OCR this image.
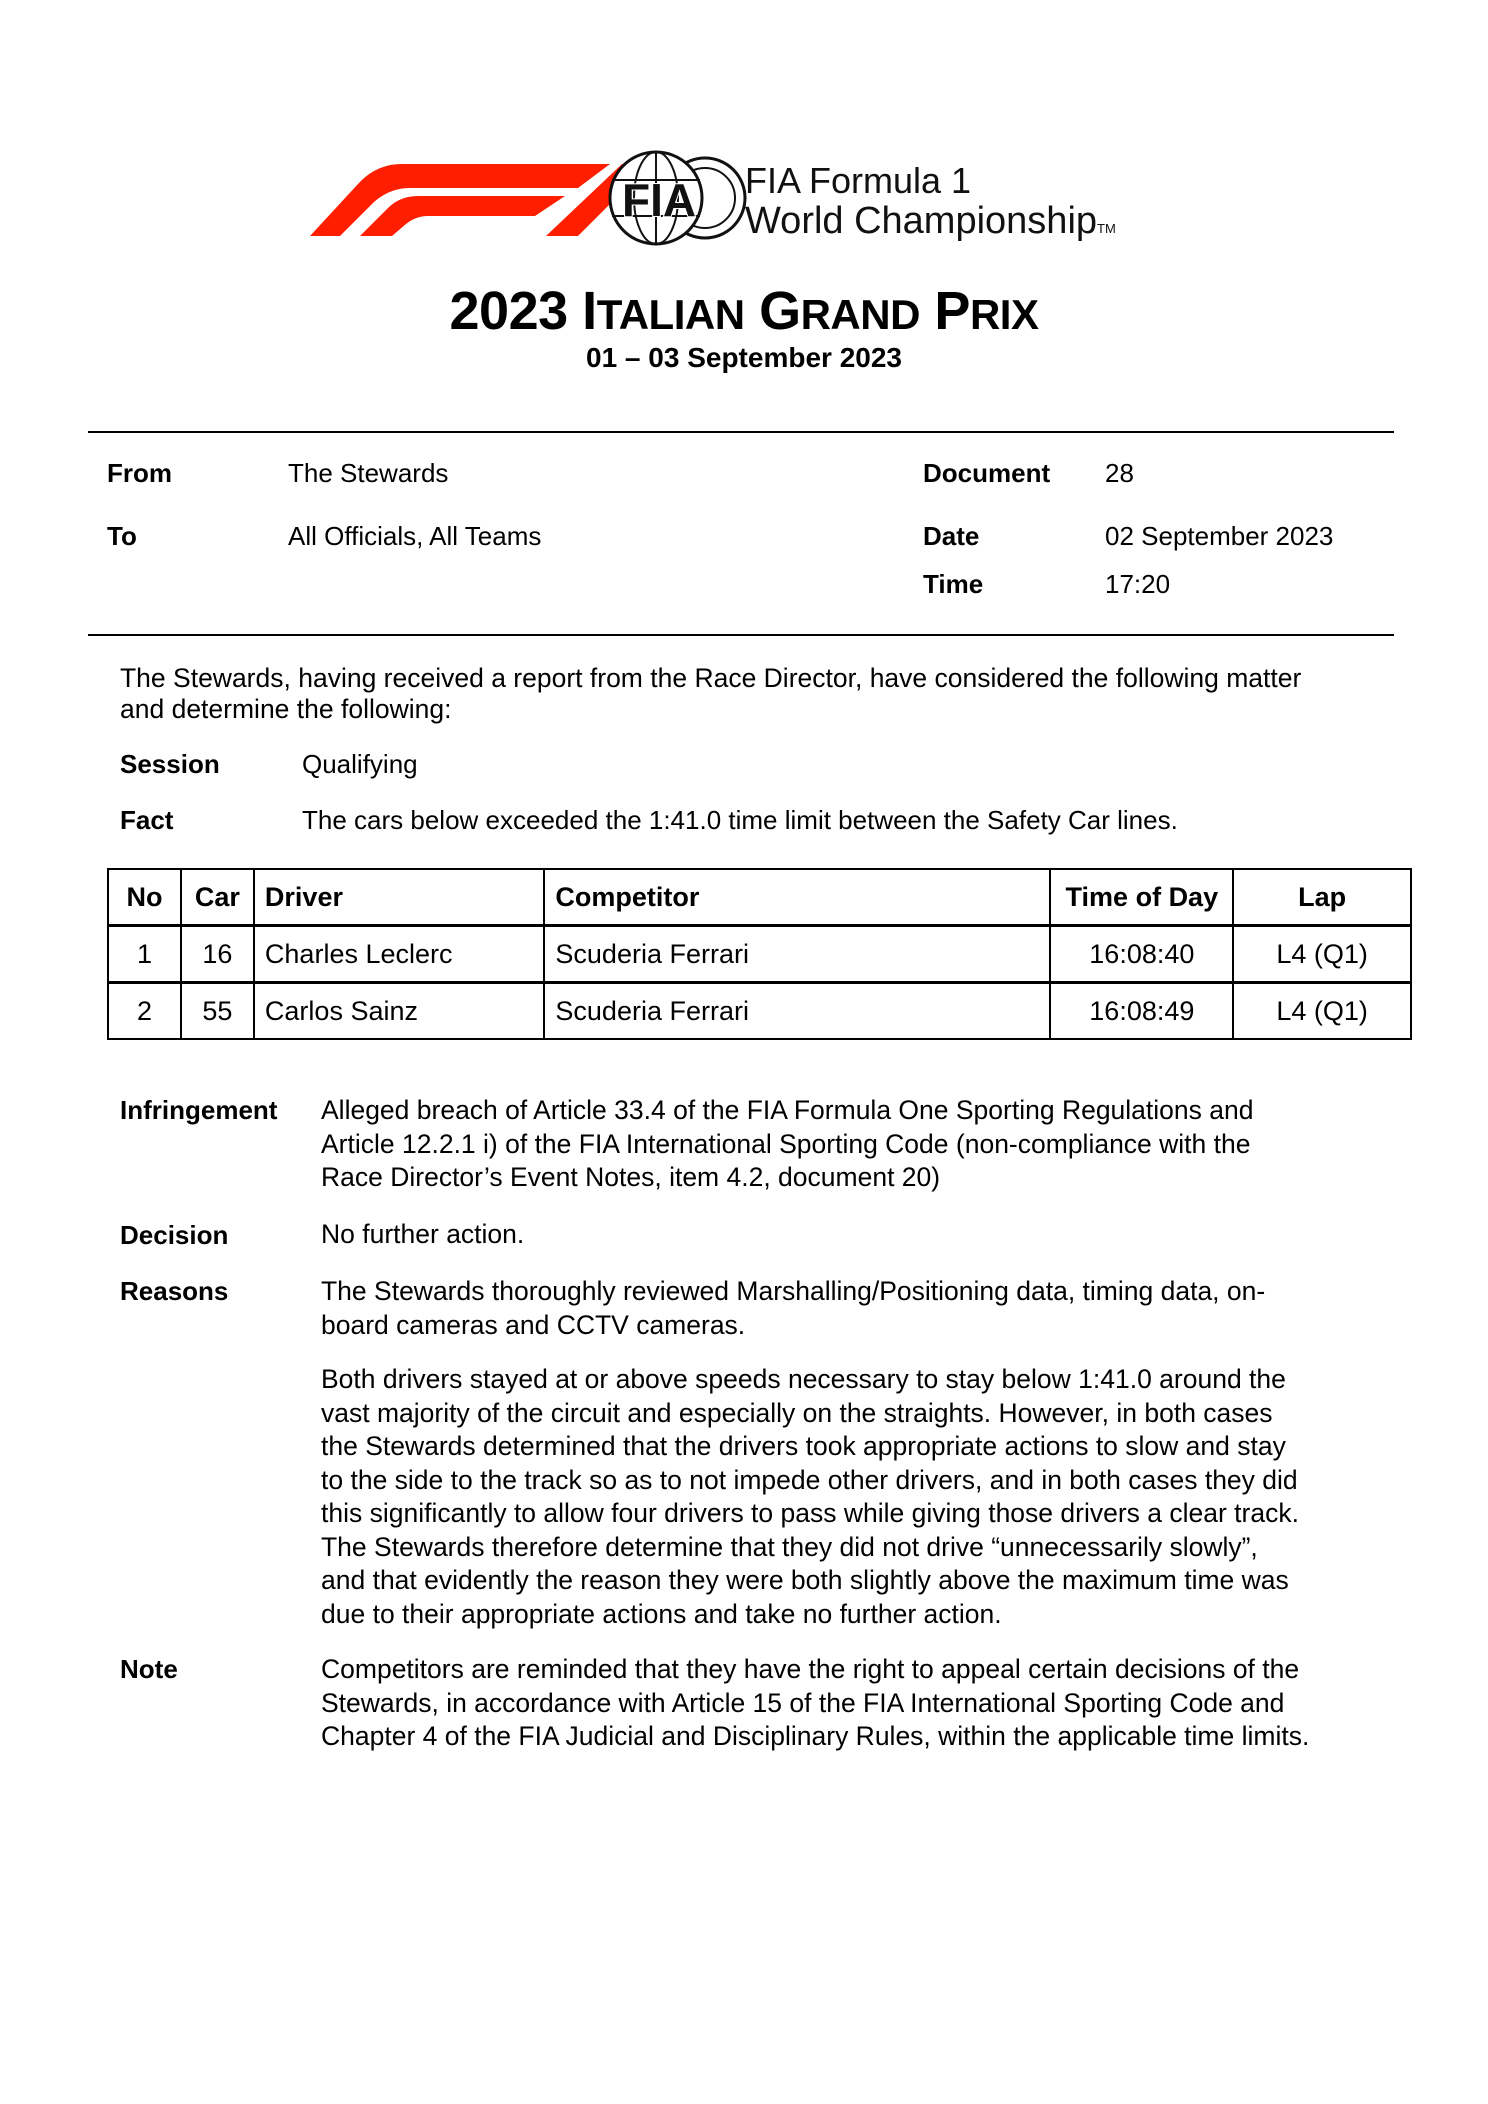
FIA FIA Formula 1
World ChampionshipTM
2023 ITALIAN GRAND PRIX
01 – 03 September 2023
From	The Stewards
To	All Officials, All Teams
Document 28
Date	02 September 2023
Time	17:20
The Stewards, having received a report from the Race Director, have considered the following matter
and determine the following:
Session	Qualifying
Fact	The cars below exceeded the 1:41.0 time limit between the Safety Car lines.
No	Car	Driver	Competitor	Time of Day	Lap
1	16	Charles Leclerc	Scuderia Ferrari	16:08:40	L4 (Q1)
2	55	Carlos Sainz	Scuderia Ferrari	16:08:49	L4 (Q1)
Infringement Alleged breach of Article 33.4 of the FIA Formula One Sporting Regulations and
Article 12.2.1 i) of the FIA International Sporting Code (non-compliance with the
Race Director’s Event Notes, item 4.2, document 20)
Decision	No further action.
Reasons	The Stewards thoroughly reviewed Marshalling/Positioning data, timing data, on-
board cameras and CCTV cameras.
Both drivers stayed at or above speeds necessary to stay below 1:41.0 around the
vast majority of the circuit and especially on the straights. However, in both cases
the Stewards determined that the drivers took appropriate actions to slow and stay
to the side to the track so as to not impede other drivers, and in both cases they did
this significantly to allow four drivers to pass while giving those drivers a clear track.
The Stewards therefore determine that they did not drive “unnecessarily slowly”,
and that evidently the reason they were both slightly above the maximum time was
due to their appropriate actions and take no further action.
Note	Competitors are reminded that they have the right to appeal certain decisions of the
Stewards, in accordance with Article 15 of the FIA International Sporting Code and
Chapter 4 of the FIA Judicial and Disciplinary Rules, within the applicable time limits.
